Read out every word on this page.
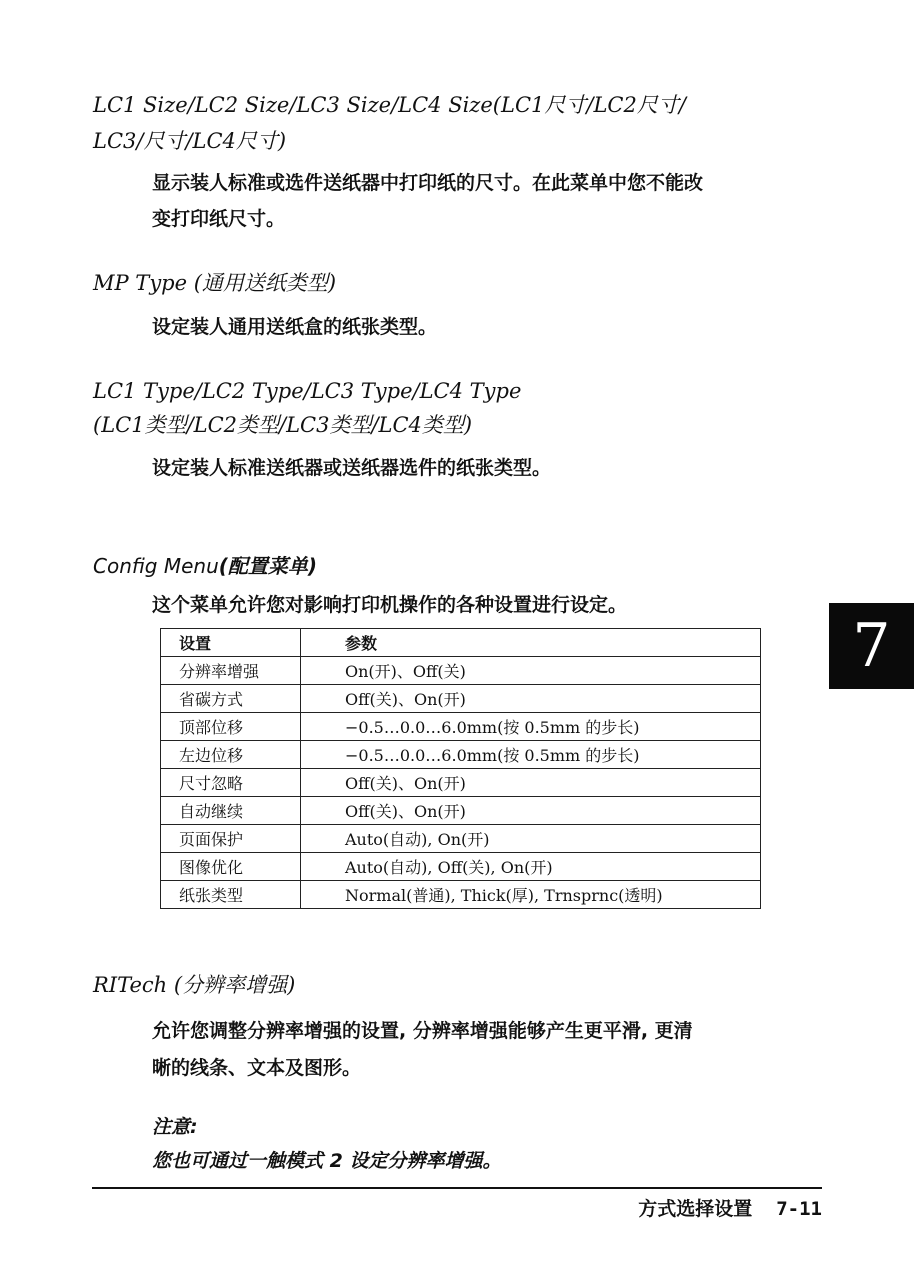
LC1 Size/LC2 Size/LC3 Size/LC4 Size(LC1尺寸/LC2尺寸/
LC3/尺寸/LC4尺寸)
显示装人标准或选件送纸器中打印纸的尺寸。在此菜单中您不能改
变打印纸尺寸。
MP Type (通用送纸类型)
设定装人通用送纸盒的纸张类型。
LC1 Type/LC2 Type/LC3 Type/LC4 Type
(LC1类型/LC2类型/LC3类型/LC4类型)
设定装人标准送纸器或送纸器选件的纸张类型。
Config Menu(配置菜单)
这个菜单允许您对影响打印机操作的各种设置进行设定。
7
设置	参数
分辨率增强	On(开)、Off(关)
省碳方式	Off(关)、On(开)
顶部位移	−0.5…0.0…6.0mm(按 0.5mm 的步长)
左边位移	−0.5…0.0…6.0mm(按 0.5mm 的步长)
尺寸忽略	Off(关)、On(开)
自动继续	Off(关)、On(开)
页面保护	Auto(自动), On(开)
图像优化	Auto(自动), Off(关), On(开)
纸张类型	Normal(普通), Thick(厚), Trnsprnc(透明)
RITech (分辨率增强)
允许您调整分辨率增强的设置, 分辨率增强能够产生更平滑, 更清
晰的线条、文本及图形。
注意:
您也可通过一触模式 2 设定分辨率增强。
方式选择设置 7-11
